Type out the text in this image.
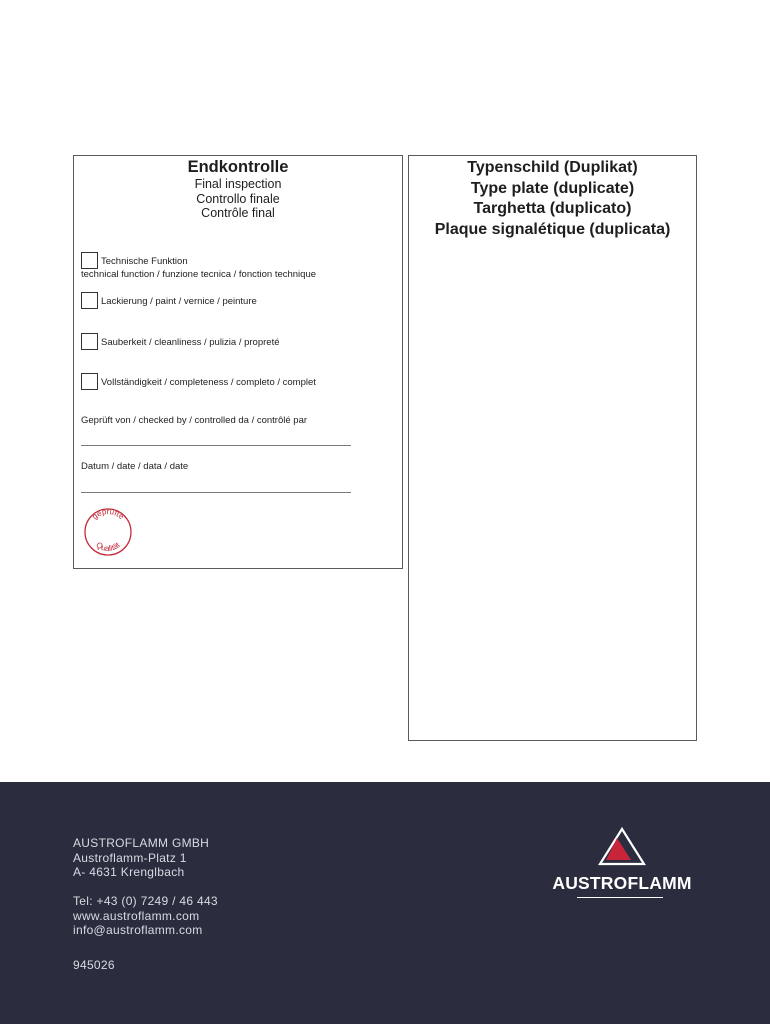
Endkontrolle
Final inspection
Controllo finale
Contrôle final
Technische Funktion
technical function / funzione tecnica / fonction technique
Lackierung / paint / vernice / peinture
Sauberkeit / cleanliness / pulizia / propreté
Vollständigkeit / completeness / completo / complet
Geprüft von / checked by / controlled da / contrôlé par
Datum / date / data / date
geprüfte
Qualität
Typenschild (Duplikat)
Type plate (duplicate)
Targhetta (duplicato)
Plaque signalétique (duplicata)
AUSTROFLAMM GMBH
Austroflamm-Platz 1
A- 4631 Krenglbach
Tel: +43 (0) 7249 / 46 443
www.austroflamm.com
info@austroflamm.com
945026
AUSTROFLAMM
